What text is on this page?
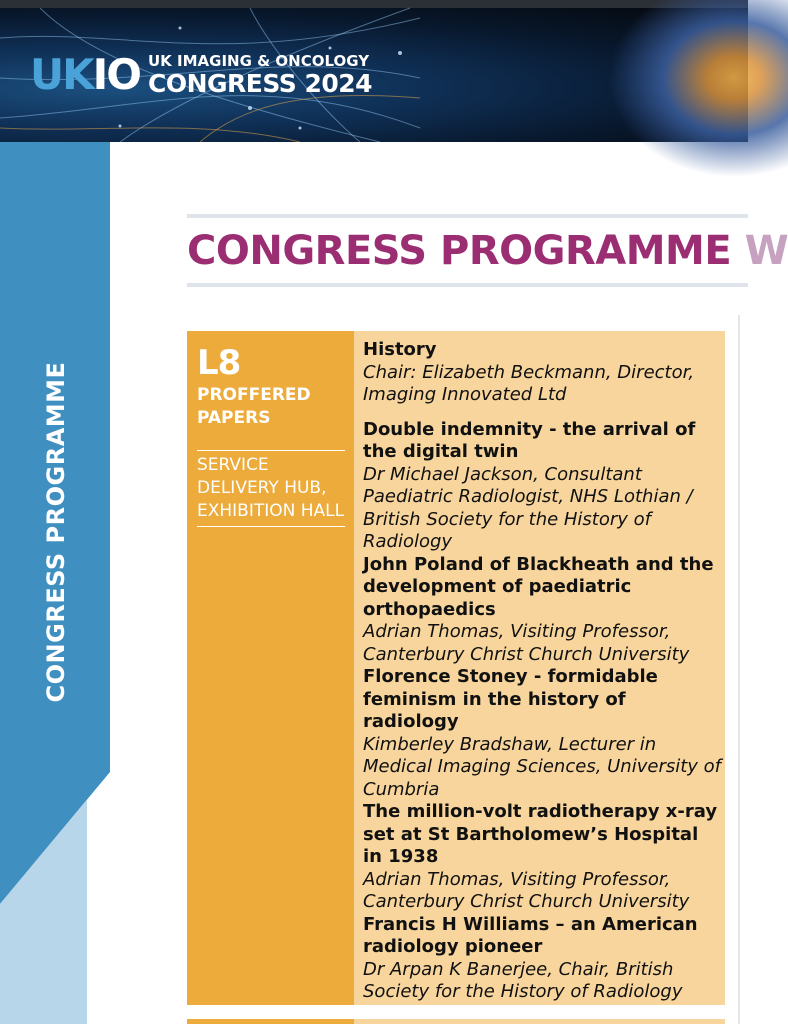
UKIO UK IMAGING & ONCOLOGY
CONGRESS 2024
CONGRESS PROGRAMME
CONGRESS PROGRAMME W
L8
PROFFERED
PAPERS
SERVICE
DELIVERY HUB,
EXHIBITION HALL
History
Chair: Elizabeth Beckmann, Director, Imaging Innovated Ltd
Double indemnity - the arrival of the digital twin
Dr Michael Jackson, Consultant Paediatric Radiologist, NHS Lothian / British Society for the History of Radiology
John Poland of Blackheath and the development of paediatric orthopaedics
Adrian Thomas, Visiting Professor, Canterbury Christ Church University
Florence Stoney - formidable feminism in the history of radiology
Kimberley Bradshaw, Lecturer in Medical Imaging Sciences, University of Cumbria
The million-volt radiotherapy x-ray set at St Bartholomew’s Hospital in 1938
Adrian Thomas, Visiting Professor, Canterbury Christ Church University
Francis H Williams – an American radiology pioneer
Dr Arpan K Banerjee, Chair, British Society for the History of Radiology
